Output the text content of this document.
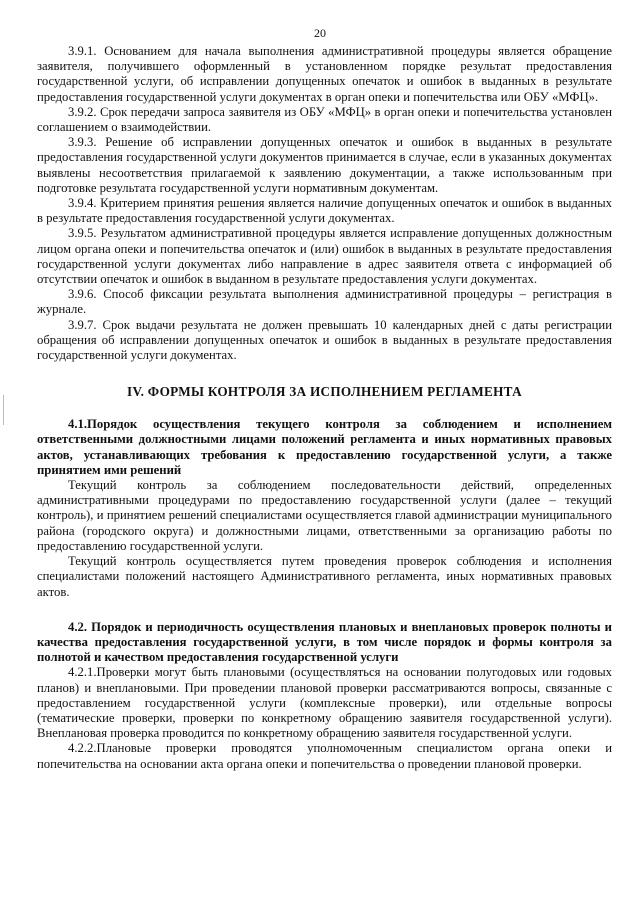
20

3.9.1. Основанием для начала выполнения административной процедуры является обращение заявителя, получившего оформленный в установленном порядке результат предоставления государственной услуги, об исправлении допущенных опечаток и ошибок в выданных в результате предоставления государственной услуги документах в орган опеки и попечительства или ОБУ «МФЦ».

3.9.2. Срок передачи запроса заявителя из ОБУ «МФЦ» в орган опеки и попечительства установлен соглашением о взаимодействии.

3.9.3. Решение об исправлении допущенных опечаток и ошибок в выданных в результате предоставления государственной услуги документов принимается в случае, если в указанных документах выявлены несоответствия прилагаемой к заявлению документации, а также использованным при подготовке результата государственной услуги нормативным документам.

3.9.4. Критерием принятия решения является наличие допущенных опечаток и ошибок в выданных в результате предоставления государственной услуги документах.

3.9.5. Результатом административной процедуры является исправление допущенных должностным лицом органа опеки и попечительства опечаток и (или) ошибок в выданных в результате предоставления государственной услуги документах либо направление в адрес заявителя ответа с информацией об отсутствии опечаток и ошибок в выданном в результате предоставления услуги документах.

3.9.6. Способ фиксации результата выполнения административной процедуры – регистрация в журнале.

3.9.7. Срок выдачи результата не должен превышать 10 календарных дней с даты регистрации обращения об исправлении допущенных опечаток и ошибок в выданных в результате предоставления государственной услуги документах.

IV. ФОРМЫ КОНТРОЛЯ ЗА ИСПОЛНЕНИЕМ РЕГЛАМЕНТА

4.1.Порядок осуществления текущего контроля за соблюдением и исполнением ответственными должностными лицами положений регламента и иных нормативных правовых актов, устанавливающих требования к предоставлению государственной услуги, а также принятием ими решений

Текущий контроль за соблюдением последовательности действий, определенных административными процедурами по предоставлению государственной услуги (далее – текущий контроль), и принятием решений специалистами осуществляется главой администрации муниципального района (городского округа) и должностными лицами, ответственными за организацию работы по предоставлению государственной услуги.

Текущий контроль осуществляется путем проведения проверок соблюдения и исполнения специалистами положений настоящего Административного регламента, иных нормативных правовых актов.

4.2. Порядок и периодичность осуществления плановых и внеплановых проверок полноты и качества предоставления государственной услуги, в том числе порядок и формы контроля за полнотой и качеством предоставления государственной услуги

4.2.1.Проверки могут быть плановыми (осуществляться на основании полугодовых или годовых планов) и внеплановыми. При проведении плановой проверки рассматриваются вопросы, связанные с предоставлением государственной услуги (комплексные проверки), или отдельные вопросы (тематические проверки, проверки по конкретному обращению заявителя государственной услуги). Внеплановая проверка проводится по конкретному обращению заявителя государственной услуги.

4.2.2.Плановые проверки проводятся уполномоченным специалистом органа опеки и попечительства на основании акта органа опеки и попечительства о проведении плановой проверки.
